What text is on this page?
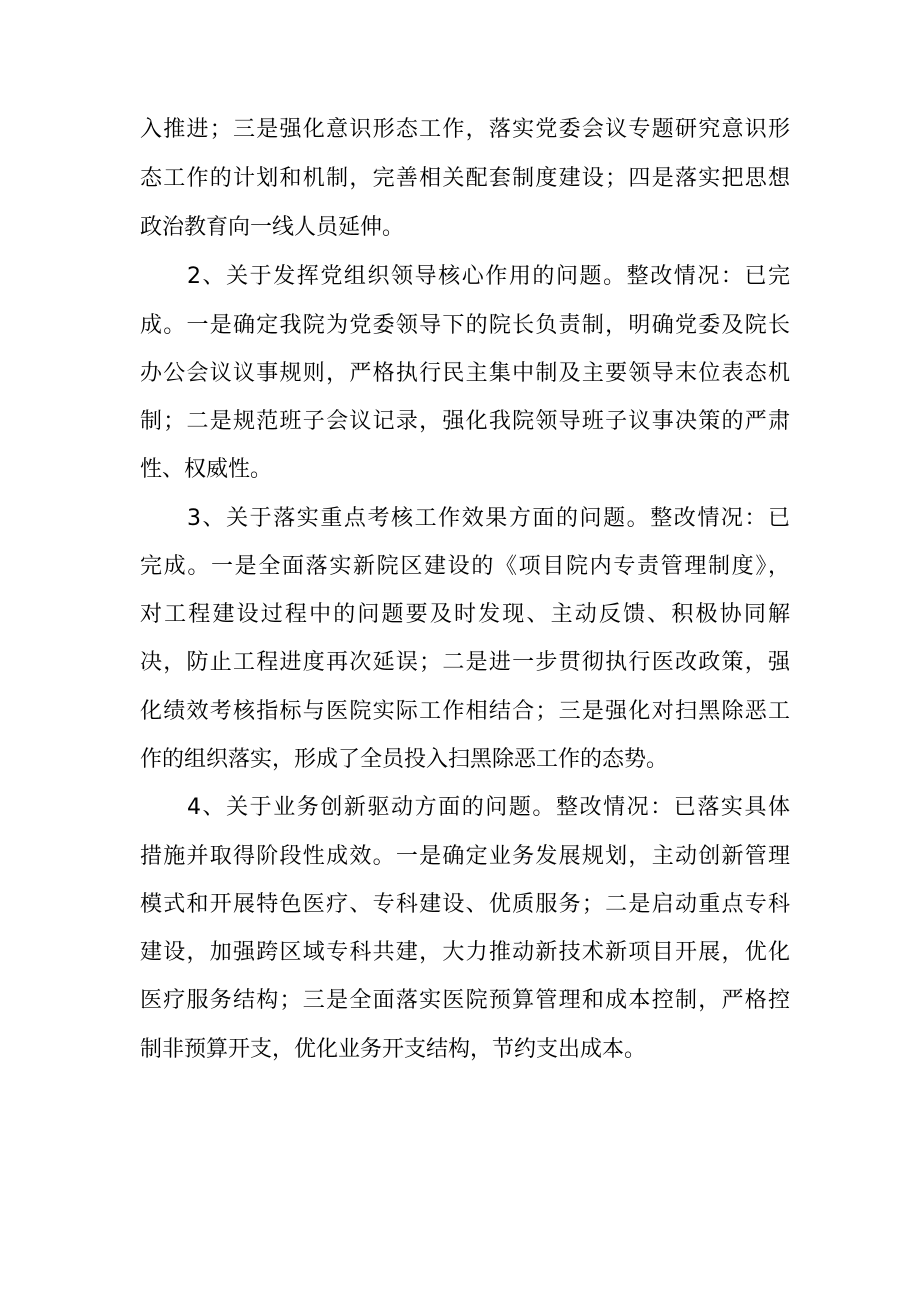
入推进；三是强化意识形态工作，落实党委会议专题研究意识形
态工作的计划和机制，完善相关配套制度建设；四是落实把思想
政治教育向一线人员延伸。
2、关于发挥党组织领导核心作用的问题。整改情况：已完
成。一是确定我院为党委领导下的院长负责制，明确党委及院长
办公会议议事规则，严格执行民主集中制及主要领导末位表态机
制；二是规范班子会议记录，强化我院领导班子议事决策的严肃
性、权威性。
3、关于落实重点考核工作效果方面的问题。整改情况：已
完成。一是全面落实新院区建设的《项目院内专责管理制度》，
对工程建设过程中的问题要及时发现、主动反馈、积极协同解
决，防止工程进度再次延误；二是进一步贯彻执行医改政策，强
化绩效考核指标与医院实际工作相结合；三是强化对扫黑除恶工
作的组织落实，形成了全员投入扫黑除恶工作的态势。
4、关于业务创新驱动方面的问题。整改情况：已落实具体
措施并取得阶段性成效。一是确定业务发展规划，主动创新管理
模式和开展特色医疗、专科建设、优质服务；二是启动重点专科
建设，加强跨区域专科共建，大力推动新技术新项目开展，优化
医疗服务结构；三是全面落实医院预算管理和成本控制，严格控
制非预算开支，优化业务开支结构，节约支出成本。
